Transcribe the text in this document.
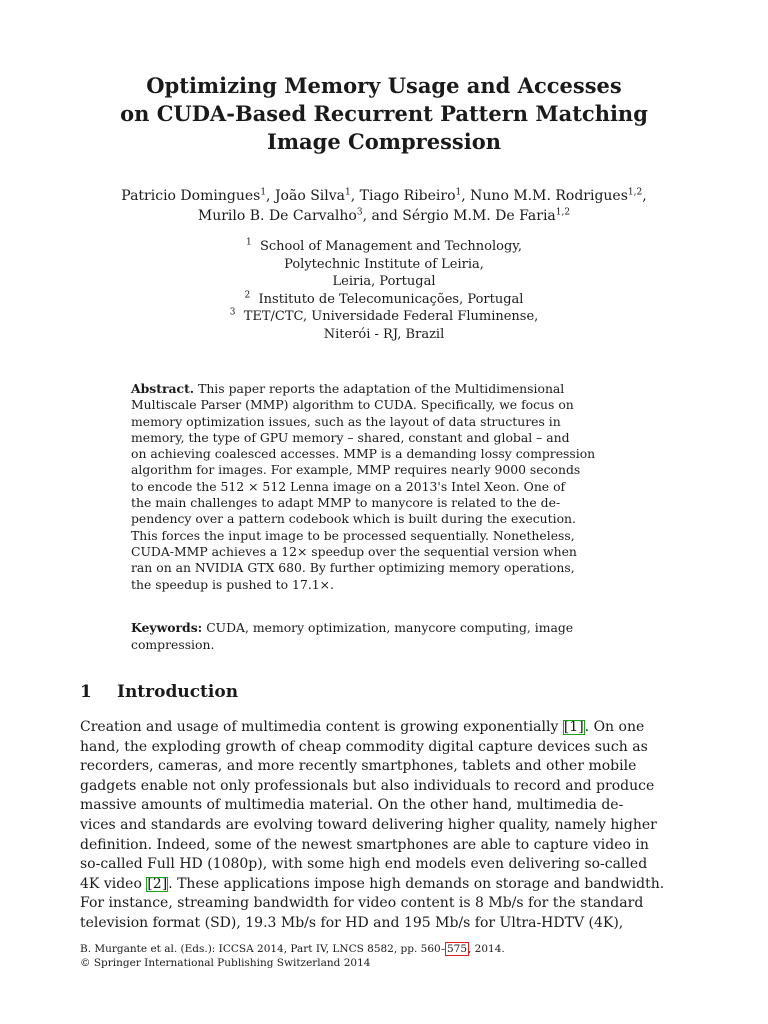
Optimizing Memory Usage and Accesses
on CUDA-Based Recurrent Pattern Matching
Image Compression
Patricio Domingues$^1$, João Silva$^1$, Tiago Ribeiro$^1$, Nuno M.M. Rodrigues$^{1,2}$,
Murilo B. De Carvalho$^3$, and Sérgio M.M. De Faria$^{1,2}$
$^1$ School of Management and Technology,
Polytechnic Institute of Leiria,
Leiria, Portugal
$^2$ Instituto de Telecomunicações, Portugal
$^3$ TET/CTC, Universidade Federal Fluminense,
Niterói - RJ, Brazil
Abstract. This paper reports the adaptation of the Multidimensional
Multiscale Parser (MMP) algorithm to CUDA. Specifically, we focus on
memory optimization issues, such as the layout of data structures in
memory, the type of GPU memory – shared, constant and global – and
on achieving coalesced accesses. MMP is a demanding lossy compression
algorithm for images. For example, MMP requires nearly 9000 seconds
to encode the 512 × 512 Lenna image on a 2013's Intel Xeon. One of
the main challenges to adapt MMP to manycore is related to the de-
pendency over a pattern codebook which is built during the execution.
This forces the input image to be processed sequentially. Nonetheless,
CUDA-MMP achieves a 12× speedup over the sequential version when
ran on an NVIDIA GTX 680. By further optimizing memory operations,
the speedup is pushed to 17.1×.
Keywords: CUDA, memory optimization, manycore computing, image
compression.
1 Introduction
Creation and usage of multimedia content is growing exponentially [1]. On one
hand, the exploding growth of cheap commodity digital capture devices such as
recorders, cameras, and more recently smartphones, tablets and other mobile
gadgets enable not only professionals but also individuals to record and produce
massive amounts of multimedia material. On the other hand, multimedia de-
vices and standards are evolving toward delivering higher quality, namely higher
definition. Indeed, some of the newest smartphones are able to capture video in
so-called Full HD (1080p), with some high end models even delivering so-called
4K video [2]. These applications impose high demands on storage and bandwidth.
For instance, streaming bandwidth for video content is 8 Mb/s for the standard
television format (SD), 19.3 Mb/s for HD and 195 Mb/s for Ultra-HDTV (4K),
B. Murgante et al. (Eds.): ICCSA 2014, Part IV, LNCS 8582, pp. 560–575, 2014.
© Springer International Publishing Switzerland 2014
